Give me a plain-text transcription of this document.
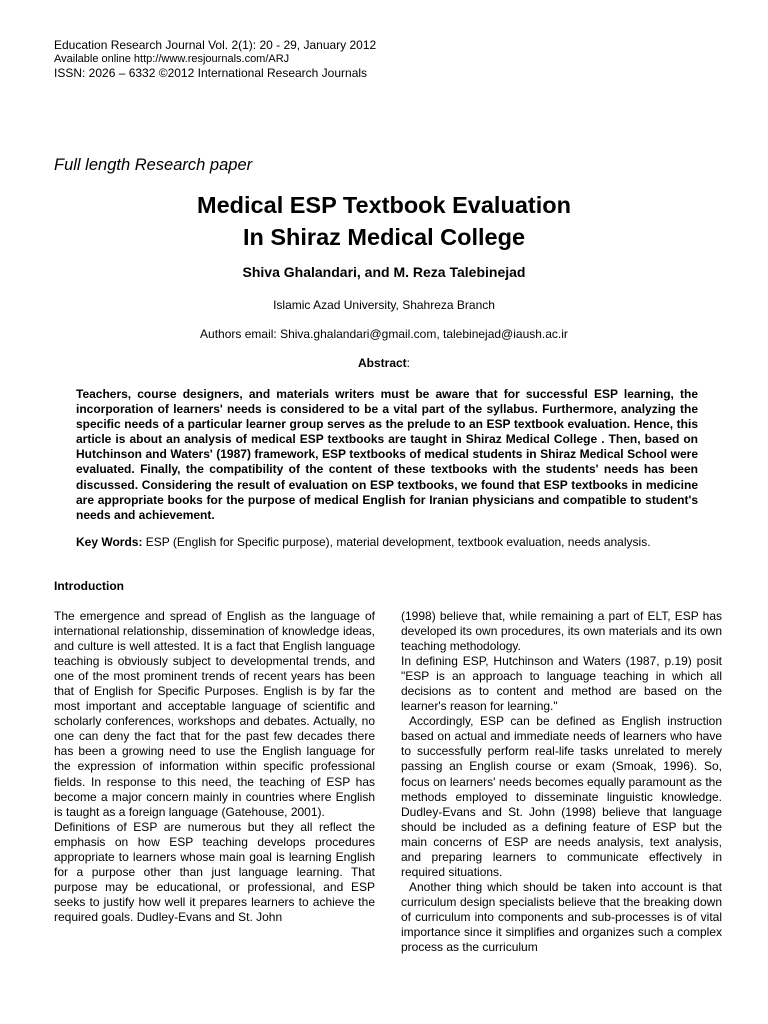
Education Research Journal Vol. 2(1): 20 - 29, January 2012
Available online http://www.resjournals.com/ARJ
ISSN: 2026 – 6332 ©2012 International Research Journals
Full length Research paper
Medical ESP Textbook Evaluation
In Shiraz Medical College
Shiva Ghalandari, and M. Reza Talebinejad
Islamic Azad University, Shahreza Branch
Authors email: Shiva.ghalandari@gmail.com, talebinejad@iaush.ac.ir
Abstract:
Teachers, course designers, and materials writers must be aware that for successful ESP learning, the incorporation of learners' needs is considered to be a vital part of the syllabus. Furthermore, analyzing the specific needs of a particular learner group serves as the prelude to an ESP textbook evaluation. Hence, this article is about an analysis of medical ESP textbooks are taught in Shiraz Medical College . Then, based on Hutchinson and Waters' (1987) framework, ESP textbooks of medical students in Shiraz Medical School were evaluated. Finally, the compatibility of the content of these textbooks with the students' needs has been discussed. Considering the result of evaluation on ESP textbooks, we found that ESP textbooks in medicine are appropriate books for the purpose of medical English for Iranian physicians and compatible to student's needs and achievement.
Key Words: ESP (English for Specific purpose), material development, textbook evaluation, needs analysis.
Introduction

The emergence and spread of English as the language of international relationship, dissemination of knowledge ideas, and culture is well attested. It is a fact that English language teaching is obviously subject to developmental trends, and one of the most prominent trends of recent years has been that of English for Specific Purposes. English is by far the most important and acceptable language of scientific and scholarly conferences, workshops and debates. Actually, no one can deny the fact that for the past few decades there has been a growing need to use the English language for the expression of information within specific professional fields. In response to this need, the teaching of ESP has become a major concern mainly in countries where English is taught as a foreign language (Gatehouse, 2001).

Definitions of ESP are numerous but they all reflect the emphasis on how ESP teaching develops procedures appropriate to learners whose main goal is learning English for a purpose other than just language learning. That purpose may be educational, or professional, and ESP seeks to justify how well it prepares learners to achieve the required goals. Dudley-Evans and St. John

(1998) believe that, while remaining a part of ELT, ESP has developed its own procedures, its own materials and its own teaching methodology.

In defining ESP, Hutchinson and Waters (1987, p.19) posit "ESP is an approach to language teaching in which all decisions as to content and method are based on the learner's reason for learning."

Accordingly, ESP can be defined as English instruction based on actual and immediate needs of learners who have to successfully perform real-life tasks unrelated to merely passing an English course or exam (Smoak, 1996). So, focus on learners' needs becomes equally paramount as the methods employed to disseminate linguistic knowledge. Dudley-Evans and St. John (1998) believe that language should be included as a defining feature of ESP but the main concerns of ESP are needs analysis, text analysis, and preparing learners to communicate effectively in required situations.

Another thing which should be taken into account is that curriculum design specialists believe that the breaking down of curriculum into components and sub-processes is of vital importance since it simplifies and organizes such a complex process as the curriculum
